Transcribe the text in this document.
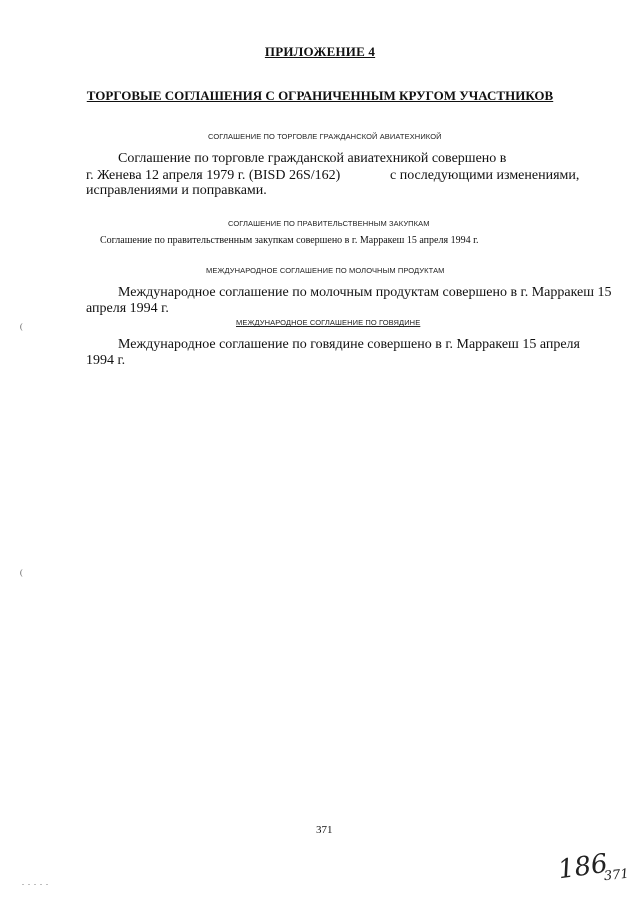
ПРИЛОЖЕНИЕ 4
ТОРГОВЫЕ СОГЛАШЕНИЯ С ОГРАНИЧЕННЫМ КРУГОМ УЧАСТНИКОВ
СОГЛАШЕНИЕ ПО ТОРГОВЛЕ ГРАЖДАНСКОЙ АВИАТЕХНИКОЙ
Соглашение по торговле гражданской авиатехникой совершено в
г. Женева 12 апреля 1979 г. (BISD 26S/162)	с последующими изменениями,
исправлениями и поправками.
СОГЛАШЕНИЕ ПО ПРАВИТЕЛЬСТВЕННЫМ ЗАКУПКАМ
Соглашение по правительственным закупкам совершено в г. Марракеш 15 апреля 1994 г.
МЕЖДУНАРОДНОЕ СОГЛАШЕНИЕ ПО МОЛОЧНЫМ ПРОДУКТАМ
Международное соглашение по молочным продуктам совершено в г. Марракеш 15
апреля 1994 г.
МЕЖДУНАРОДНОЕ СОГЛАШЕНИЕ ПО ГОВЯДИНЕ
Международное соглашение по говядине совершено в г. Марракеш 15 апреля
1994 г.
(
(
.....
371
186
371
